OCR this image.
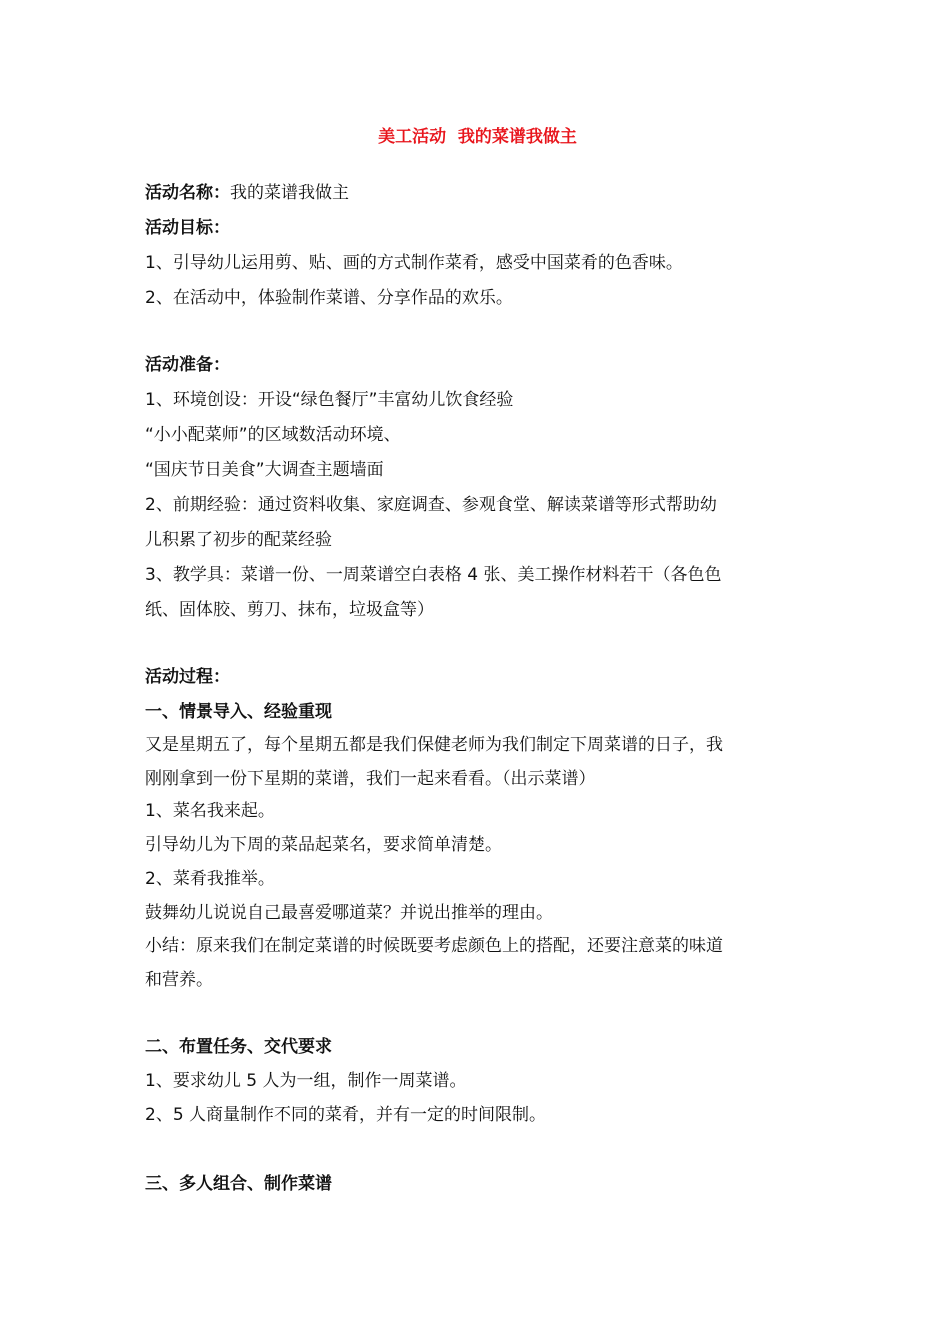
美工活动  我的菜谱我做主
活动名称：我的菜谱我做主
活动目标：
1、引导幼儿运用剪、贴、画的方式制作菜肴，感受中国菜肴的色香味。
2、在活动中，体验制作菜谱、分享作品的欢乐。
活动准备：
1、环境创设：开设“绿色餐厅”丰富幼儿饮食经验
“小小配菜师”的区域数活动环境、
“国庆节日美食”大调查主题墙面
2、前期经验：通过资料收集、家庭调查、参观食堂、解读菜谱等形式帮助幼
儿积累了初步的配菜经验
3、教学具：菜谱一份、一周菜谱空白表格 4 张、美工操作材料若干（各色色
纸、固体胶、剪刀、抹布，垃圾盒等）
活动过程：
一、情景导入、经验重现
又是星期五了，每个星期五都是我们保健老师为我们制定下周菜谱的日子，我
刚刚拿到一份下星期的菜谱，我们一起来看看。（出示菜谱）
1、菜名我来起。
引导幼儿为下周的菜品起菜名，要求简单清楚。
2、菜肴我推举。
鼓舞幼儿说说自己最喜爱哪道菜？并说出推举的理由。
小结：原来我们在制定菜谱的时候既要考虑颜色上的搭配，还要注意菜的味道
和营养。
二、布置任务、交代要求
1、要求幼儿 5 人为一组，制作一周菜谱。
2、5 人商量制作不同的菜肴，并有一定的时间限制。
三、多人组合、制作菜谱
